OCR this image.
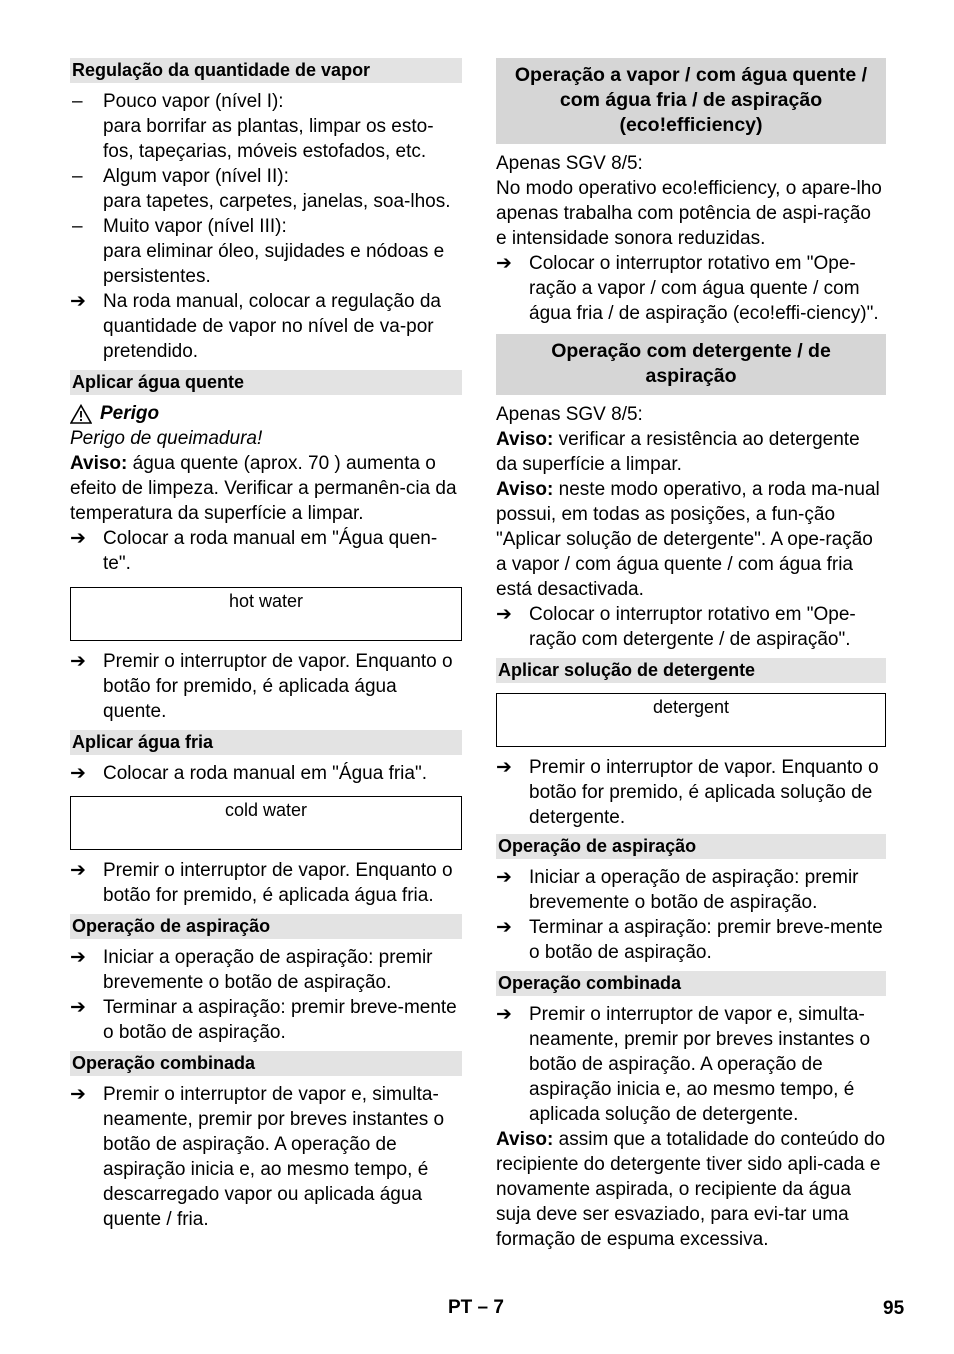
Regulação da quantidade de vapor
–	Pouco vapor (nível I):
para borrifar as plantas, limpar os esto-fos, tapeçarias, móveis estofados, etc.
–	Algum vapor (nível II):
para tapetes, carpetes, janelas, soa-lhos.
–	Muito vapor (nível III):
para eliminar óleo, sujidades e nódoas e persistentes.
➔ Na roda manual, colocar a regulação da quantidade de vapor no nível de va-por pretendido.
Aplicar água quente
Perigo
Perigo de queimadura!
Aviso: água quente (aprox. 70 ) aumenta o efeito de limpeza. Verificar a permanên-cia da temperatura da superfície a limpar.
➔ Colocar a roda manual em "Água quen-te".
hot water
➔ Premir o interruptor de vapor. Enquanto o botão for premido, é aplicada água quente.
Aplicar água fria
➔ Colocar a roda manual em "Água fria".
cold water
➔ Premir o interruptor de vapor. Enquanto o botão for premido, é aplicada água fria.
Operação de aspiração
➔ Iniciar a operação de aspiração: premir brevemente o botão de aspiração.
➔ Terminar a aspiração: premir breve-mente o botão de aspiração.
Operação combinada
➔ Premir o interruptor de vapor e, simulta-neamente, premir por breves instantes o botão de aspiração. A operação de aspiração inicia e, ao mesmo tempo, é descarregado vapor ou aplicada água quente / fria.
Operação a vapor / com água quente / com água fria / de aspiração (eco!efficiency)
Apenas SGV 8/5:
No modo operativo eco!efficiency, o apare-lho apenas trabalha com potência de aspi-ração e intensidade sonora reduzidas.
➔ Colocar o interruptor rotativo em "Ope-ração a vapor / com água quente / com água fria / de aspiração (eco!effi-ciency)".
Operação com detergente / de aspiração
Apenas SGV 8/5:
Aviso: verificar a resistência ao detergente da superfície a limpar.
Aviso: neste modo operativo, a roda ma-nual possui, em todas as posições, a fun-ção "Aplicar solução de detergente". A ope-ração a vapor / com água quente / com água fria está desactivada.
➔ Colocar o interruptor rotativo em "Ope-ração com detergente / de aspiração".
Aplicar solução de detergente
detergent
➔ Premir o interruptor de vapor. Enquanto o botão for premido, é aplicada solução de detergente.
Operação de aspiração
➔ Iniciar a operação de aspiração: premir brevemente o botão de aspiração.
➔ Terminar a aspiração: premir breve-mente o botão de aspiração.
Operação combinada
➔ Premir o interruptor de vapor e, simulta-neamente, premir por breves instantes o botão de aspiração. A operação de aspiração inicia e, ao mesmo tempo, é aplicada solução de detergente.
Aviso: assim que a totalidade do conteúdo do recipiente do detergente tiver sido apli-cada e novamente aspirada, o recipiente da água suja deve ser esvaziado, para evi-tar uma formação de espuma excessiva.
PT – 7	95
